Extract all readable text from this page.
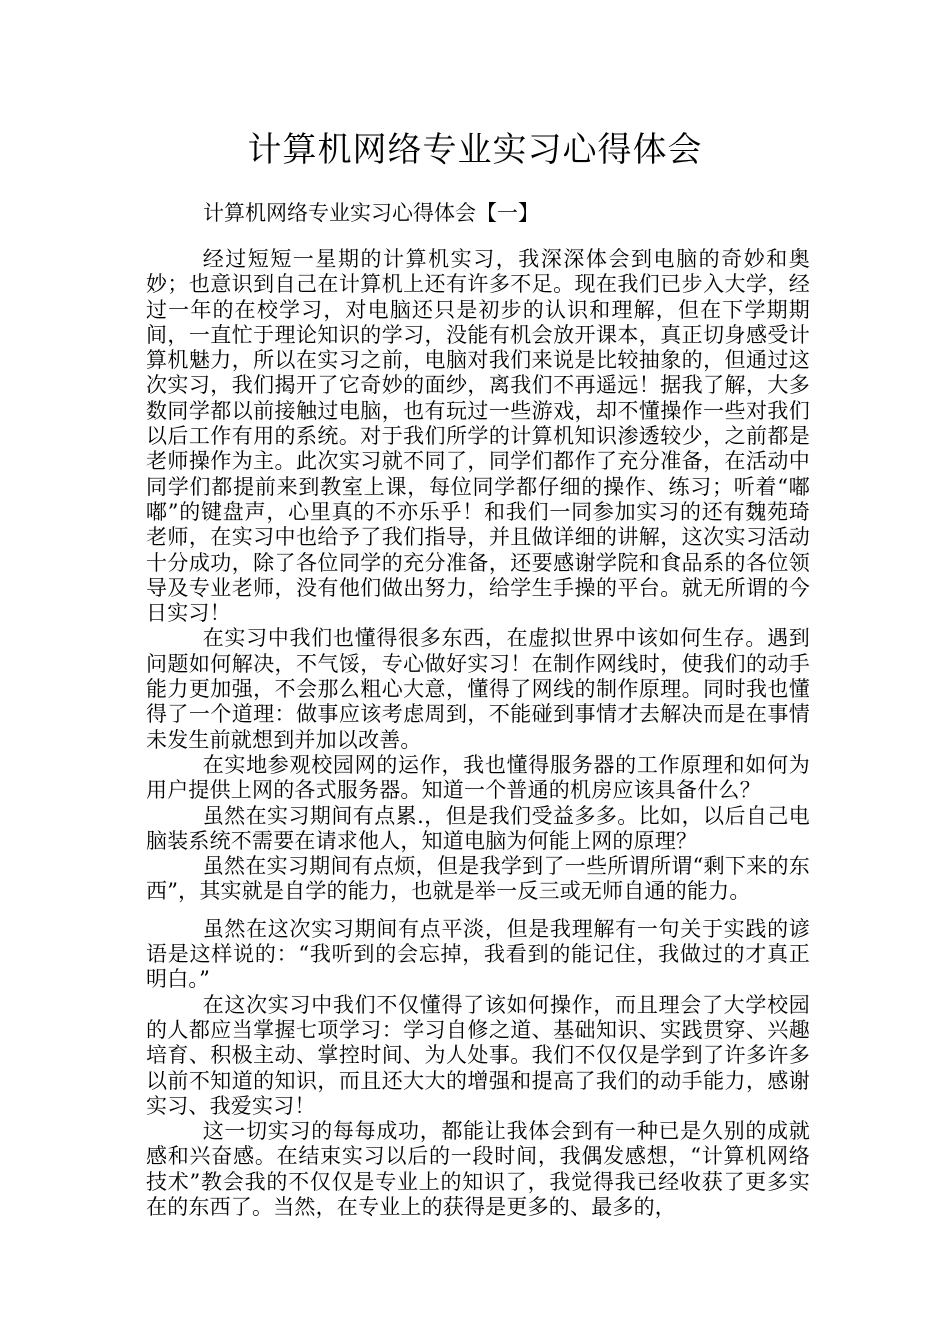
计算机网络专业实习心得体会
计算机网络专业实习心得体会【一】

经过短短一星期的计算机实习，我深深体会到电脑的奇妙和奥妙；也意识到自己在计算机上还有许多不足。现在我们已步入大学，经过一年的在校学习，对电脑还只是初步的认识和理解，但在下学期期间，一直忙于理论知识的学习，没能有机会放开课本，真正切身感受计算机魅力，所以在实习之前，电脑对我们来说是比较抽象的，但通过这次实习，我们揭开了它奇妙的面纱，离我们不再遥远！据我了解，大多数同学都以前接触过电脑，也有玩过一些游戏，却不懂操作一些对我们以后工作有用的系统。对于我们所学的计算机知识渗透较少，之前都是老师操作为主。此次实习就不同了，同学们都作了充分准备，在活动中同学们都提前来到教室上课，每位同学都仔细的操作、练习；听着“嘟嘟”的键盘声，心里真的不亦乐乎！和我们一同参加实习的还有魏苑琦 老师，在实习中也给予了我们指导，并且做详细的讲解，这次实习活动十分成功，除了各位同学的充分准备，还要感谢学院和食品系的各位领导及专业老师，没有他们做出努力，给学生手操的平台。就无所谓的今日实习！

在实习中我们也懂得很多东西，在虚拟世界中该如何生存。遇到问题如何解决，不气馁，专心做好实习！在制作网线时，使我们的动手能力更加强，不会那么粗心大意，懂得了网线的制作原理。同时我也懂得了一个道理：做事应该考虑周到，不能碰到事情才去解决而是在事情未发生前就想到并加以改善。

在实地参观校园网的运作，我也懂得服务器的工作原理和如何为用户提供上网的各式服务器。知道一个普通的机房应该具备什么？

虽然在实习期间有点累.，但是我们受益多多。比如，以后自己电脑装系统不需要在请求他人，知道电脑为何能上网的原理？

虽然在实习期间有点烦，但是我学到了一些所谓所谓“剩下来的东西”，其实就是自学的能力，也就是举一反三或无师自通的能力。

虽然在这次实习期间有点平淡，但是我理解有一句关于实践的谚语是这样说的：“我听到的会忘掉，我看到的能记住，我做过的才真正明白。”

在这次实习中我们不仅懂得了该如何操作，而且理会了大学校园的人都应当掌握七项学习：学习自修之道、基础知识、实践贯穿、兴趣培育、积极主动、掌控时间、为人处事。我们不仅仅是学到了许多许多以前不知道的知识，而且还大大的增强和提高了我们的动手能力，感谢实习、我爱实习！

这一切实习的每每成功，都能让我体会到有一种已是久别的成就感和兴奋感。在结束实习以后的一段时间，我偶发感想，“计算机网络技术”教会我的不仅仅是专业上的知识了，我觉得我已经收获了更多实在的东西了。当然，在专业上的获得是更多的、最多的，
